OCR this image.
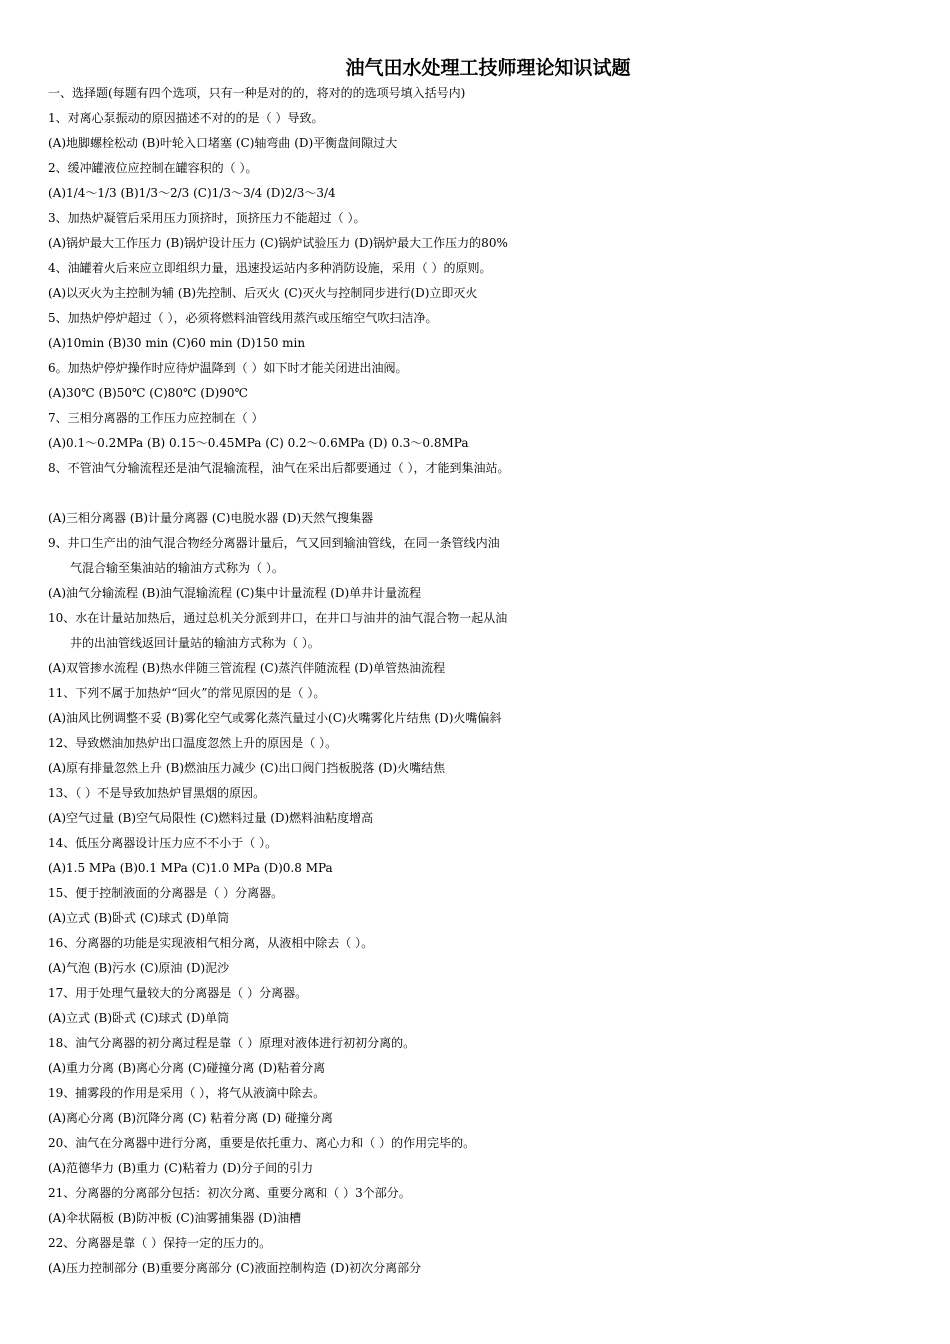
油气田水处理工技师理论知识试题
一、选择题(每题有四个选项，只有一种是对的的，将对的的选项号填入括号内)
1、对离心泵振动的原因描述不对的的是（ ）导致。
(A)地脚螺栓松动 (B)叶轮入口堵塞 (C)轴弯曲 (D)平衡盘间隙过大
2、缓冲罐液位应控制在罐容积的（ ）。
(A)1/4～1/3 (B)1/3～2/3 (C)1/3～3/4 (D)2/3～3/4
3、加热炉凝管后采用压力顶挤时，顶挤压力不能超过（ ）。
(A)锅炉最大工作压力 (B)锅炉设计压力 (C)锅炉试验压力 (D)锅炉最大工作压力的80%
4、油罐着火后来应立即组织力量，迅速投运站内多种消防设施，采用（ ）的原则。
(A)以灭火为主控制为辅 (B)先控制、后灭火 (C)灭火与控制同步进行(D)立即灭火
5、加热炉停炉超过（ ），必须将燃料油管线用蒸汽或压缩空气吹扫洁净。
(A)10min (B)30 min (C)60 min (D)150 min
6。加热炉停炉操作时应待炉温降到（ ）如下时才能关闭进出油阀。
(A)30℃ (B)50℃ (C)80℃ (D)90℃
7、三相分离器的工作压力应控制在（ ）
(A)0.1～0.2MPa (B) 0.15～0.45MPa (C) 0.2～0.6MPa (D) 0.3～0.8MPa
8、不管油气分输流程还是油气混输流程，油气在采出后都要通过（ ），才能到集油站。
(A)三相分离器 (B)计量分离器 (C)电脱水器 (D)天然气搜集器
9、井口生产出的油气混合物经分离器计量后，气又回到输油管线，在同一条管线内油
气混合输至集油站的输油方式称为（ ）。
(A)油气分输流程 (B)油气混输流程 (C)集中计量流程 (D)单井计量流程
10、水在计量站加热后，通过总机关分派到井口，在井口与油井的油气混合物一起从油
井的出油管线返回计量站的输油方式称为（ ）。
(A)双管掺水流程 (B)热水伴随三管流程 (C)蒸汽伴随流程 (D)单管热油流程
11、下列不属于加热炉“回火”的常见原因的是（ ）。
(A)油风比例调整不妥 (B)雾化空气或雾化蒸汽量过小(C)火嘴雾化片结焦 (D)火嘴偏斜
12、导致燃油加热炉出口温度忽然上升的原因是（ ）。
(A)原有排量忽然上升 (B)燃油压力减少 (C)出口阀门挡板脱落 (D)火嘴结焦
13、（ ）不是导致加热炉冒黑烟的原因。
(A)空气过量 (B)空气局限性 (C)燃料过量 (D)燃料油粘度增高
14、低压分离器设计压力应不不小于（ ）。
(A)1.5 MPa (B)0.1 MPa (C)1.0 MPa (D)0.8 MPa
15、便于控制液面的分离器是（ ）分离器。
(A)立式 (B)卧式 (C)球式 (D)单筒
16、分离器的功能是实现液相气相分离，从液相中除去（ ）。
(A)气泡 (B)污水 (C)原油 (D)泥沙
17、用于处理气量较大的分离器是（ ）分离器。
(A)立式 (B)卧式 (C)球式 (D)单筒
18、油气分离器的初分离过程是靠（ ）原理对液体进行初初分离的。
(A)重力分离 (B)离心分离 (C)碰撞分离 (D)粘着分离
19、捕雾段的作用是采用（ ），将气从液滴中除去。
(A)离心分离 (B)沉降分离 (C) 粘着分离 (D) 碰撞分离
20、油气在分离器中进行分离，重要是依托重力、离心力和（ ）的作用完毕的。
(A)范德华力 (B)重力 (C)粘着力 (D)分子间的引力
21、分离器的分离部分包括：初次分离、重要分离和（ ）3个部分。
(A)伞状隔板 (B)防冲板 (C)油雾捕集器 (D)油槽
22、分离器是靠（ ）保持一定的压力的。
(A)压力控制部分 (B)重要分离部分 (C)液面控制构造 (D)初次分离部分
